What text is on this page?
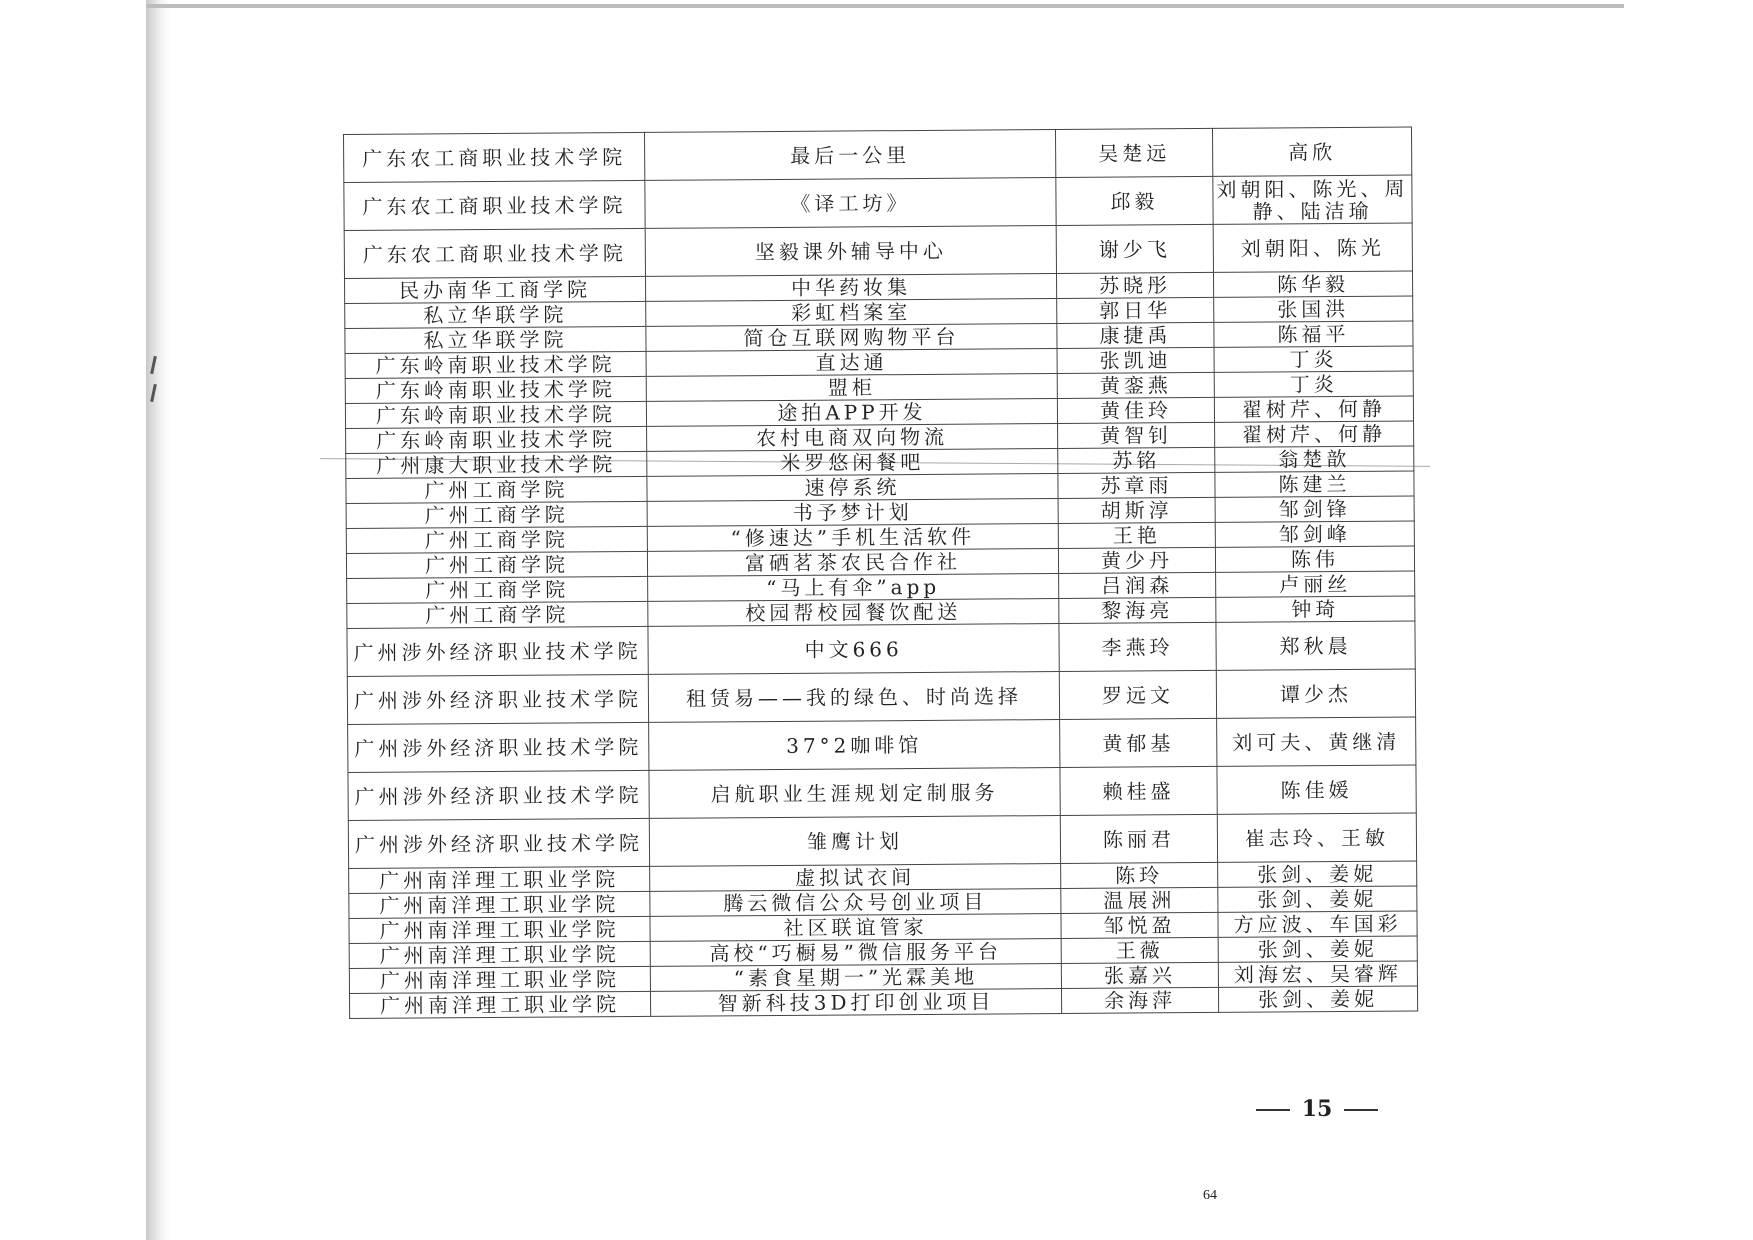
广东农工商职业技术学院	最后一公里	吴楚远	高欣
广东农工商职业技术学院	《译工坊》	邱毅	刘朝阳、陈光、周静、陆洁瑜
广东农工商职业技术学院	坚毅课外辅导中心	谢少飞	刘朝阳、陈光
民办南华工商学院	中华药妆集	苏晓彤	陈华毅
私立华联学院	彩虹档案室	郭日华	张国洪
私立华联学院	简仓互联网购物平台	康捷禹	陈福平
广东岭南职业技术学院	直达通	张凯迪	丁炎
广东岭南职业技术学院	盟柜	黄銮燕	丁炎
广东岭南职业技术学院	途拍APP开发	黄佳玲	翟树芹、何静
广东岭南职业技术学院	农村电商双向物流	黄智钊	翟树芹、何静
广州康大职业技术学院	米罗悠闲餐吧	苏铭	翁楚歆
广州工商学院	速停系统	苏章雨	陈建兰
广州工商学院	书予梦计划	胡斯淳	邹剑锋
广州工商学院	“修速达”手机生活软件	王艳	邹剑峰
广州工商学院	富硒茗茶农民合作社	黄少丹	陈伟
广州工商学院	“马上有伞”app	吕润森	卢丽丝
广州工商学院	校园帮校园餐饮配送	黎海亮	钟琦
广州涉外经济职业技术学院	中文666	李燕玲	郑秋晨
广州涉外经济职业技术学院	租赁易——我的绿色、时尚选择	罗远文	谭少杰
广州涉外经济职业技术学院	37°2咖啡馆	黄郁基	刘可夫、黄继清
广州涉外经济职业技术学院	启航职业生涯规划定制服务	赖桂盛	陈佳媛
广州涉外经济职业技术学院	雏鹰计划	陈丽君	崔志玲、王敏
广州南洋理工职业学院	虚拟试衣间	陈玲	张剑、姜妮
广州南洋理工职业学院	腾云微信公众号创业项目	温展洲	张剑、姜妮
广州南洋理工职业学院	社区联谊管家	邹悦盈	方应波、车国彩
广州南洋理工职业学院	高校“巧橱易”微信服务平台	王薇	张剑、姜妮
广州南洋理工职业学院	“素食星期一”光霖美地	张嘉兴	刘海宏、吴睿辉
广州南洋理工职业学院	智新科技3D打印创业项目	余海萍	张剑、姜妮
15
64
